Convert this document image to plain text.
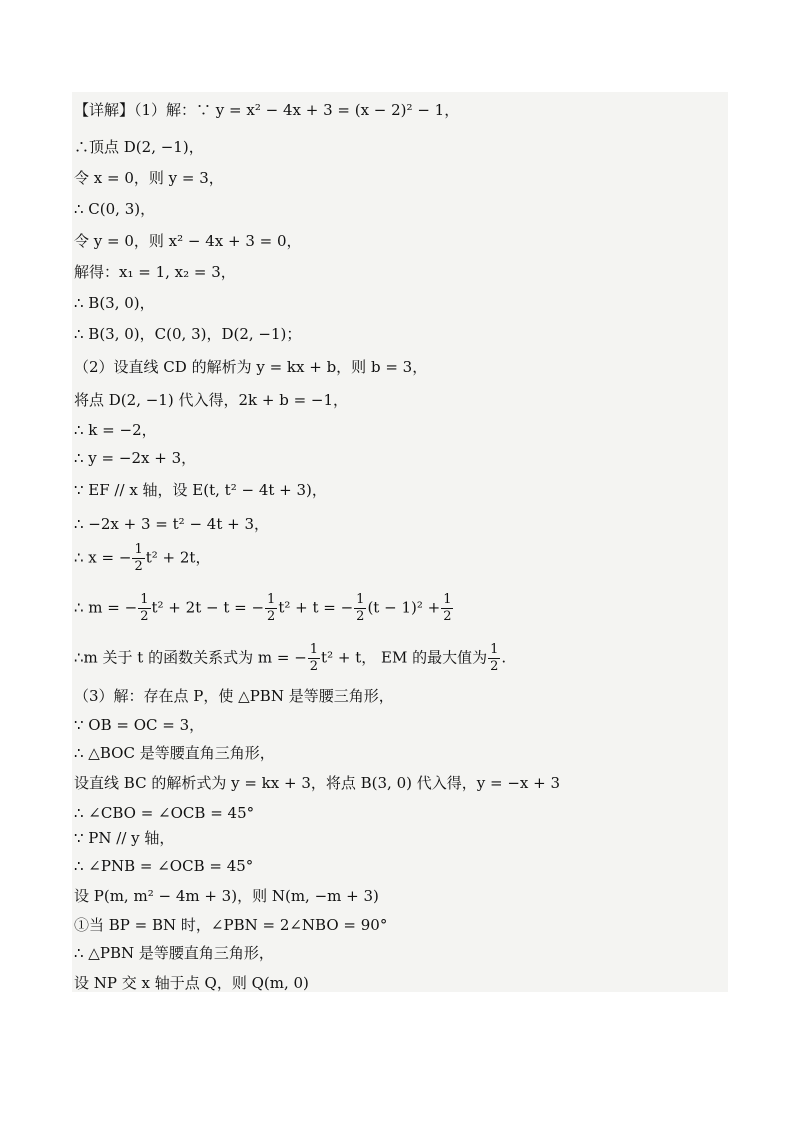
【详解】（1）解：∵ y = x² − 4x + 3 = (x − 2)² − 1，
∴顶点 D(2, −1)，
令 x = 0，则 y = 3，
∴ C(0, 3)，
令 y = 0，则 x² − 4x + 3 = 0，
解得：x₁ = 1, x₂ = 3，
∴ B(3, 0)，
∴ B(3, 0)，C(0, 3)，D(2, −1)；
（2）设直线 CD 的解析为 y = kx + b，则 b = 3，
将点 D(2, −1) 代入得，2k + b = −1，
∴ k = −2，
∴ y = −2x + 3，
∵ EF // x 轴，设 E(t, t² − 4t + 3)，
∴ −2x + 3 = t² − 4t + 3，
∴ x = − $\frac{1}{2} t^2 + 2t$，
∴ m = − $\frac{1}{2} t^2 + 2t - t$ = − $\frac{1}{2} t^2 + t$ = − $\frac{1}{2} (t - 1)^2 + \frac{1}{2}$
∴m 关于 t 的函数关系式为 m = − $\frac{1}{2} t^2 + t$， EM 的最大值为 $\frac{1}{2}$ .
（3）解：存在点 P，使 △PBN 是等腰三角形，
∵ OB = OC = 3，
∴ △BOC 是等腰直角三角形，
设直线 BC 的解析式为 y = kx + 3，将点 B(3, 0) 代入得，y = −x + 3
∴ ∠CBO = ∠OCB = 45°
∵ PN // y 轴，
∴ ∠PNB = ∠OCB = 45°
设 P(m, m² − 4m + 3)，则 N(m, −m + 3)
①当 BP = BN 时，∠PBN = 2∠NBO = 90°
∴ △PBN 是等腰直角三角形，
设 NP 交 x 轴于点 Q，则 Q(m, 0)
